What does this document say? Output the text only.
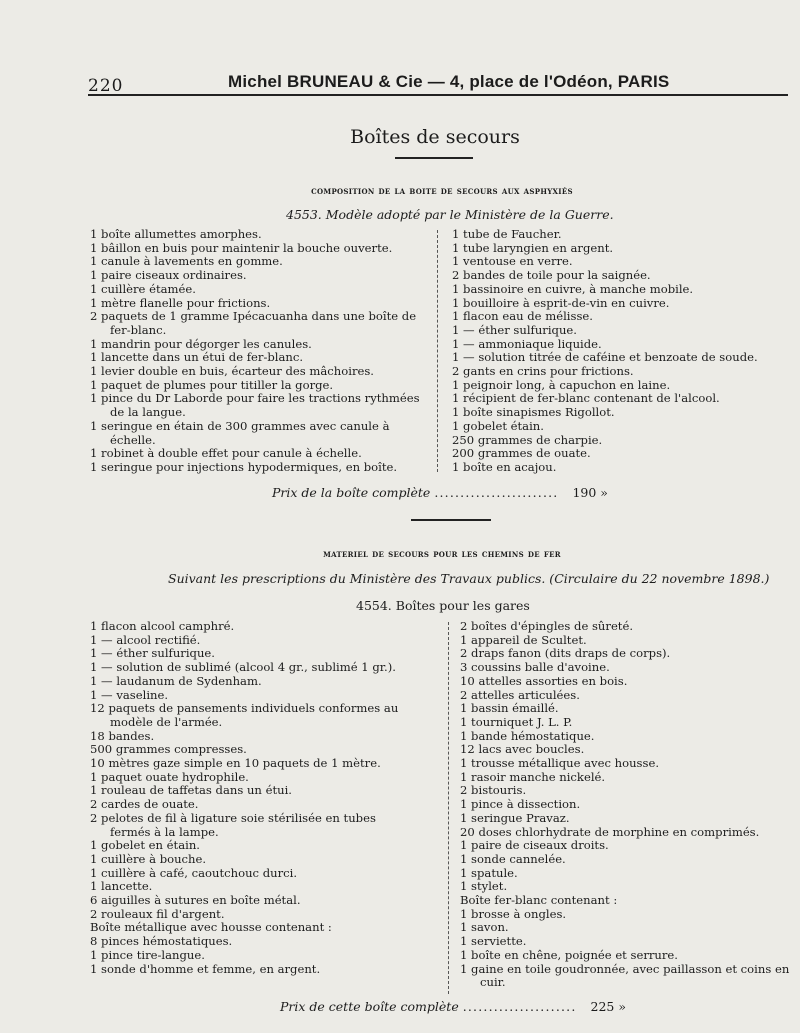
220	Michel BRUNEAU & Cie — 4, place de l'Odéon, PARIS
Boîtes de secours
composition de la boite de secours aux asphyxiés
4553. Modèle adopté par le Ministère de la Guerre.
1 boîte allumettes amorphes.
1 bâillon en buis pour maintenir la bouche ouverte.
1 canule à lavements en gomme.
1 paire ciseaux ordinaires.
1 cuillère étamée.
1 mètre flanelle pour frictions.
2 paquets de 1 gramme Ipécacuanha dans une boîte de fer-blanc.
1 mandrin pour dégorger les canules.
1 lancette dans un étui de fer-blanc.
1 levier double en buis, écarteur des mâchoires.
1 paquet de plumes pour titiller la gorge.
1 pince du Dr Laborde pour faire les tractions rythmées de la langue.
1 seringue en étain de 300 grammes avec canule à échelle.
1 robinet à double effet pour canule à échelle.
1 seringue pour injections hypodermiques, en boîte.
1 tube de Faucher.
1 tube laryngien en argent.
1 ventouse en verre.
2 bandes de toile pour la saignée.
1 bassinoire en cuivre, à manche mobile.
1 bouilloire à esprit-de-vin en cuivre.
1 flacon eau de mélisse.
1 — éther sulfurique.
1 — ammoniaque liquide.
1 — solution titrée de caféine et benzoate de soude.
2 gants en crins pour frictions.
1 peignoir long, à capuchon en laine.
1 récipient de fer-blanc contenant de l'alcool.
1 boîte sinapismes Rigollot.
1 gobelet étain.
250 grammes de charpie.
200 grammes de ouate.
1 boîte en acajou.
Prix de la boîte complète ........................ 190 »
materiel de secours pour les chemins de fer
Suivant les prescriptions du Ministère des Travaux publics. (Circulaire du 22 novembre 1898.)
4554. Boîtes pour les gares
1 flacon alcool camphré.
1 — alcool rectifié.
1 — éther sulfurique.
1 — solution de sublimé (alcool 4 gr., sublimé 1 gr.).
1 — laudanum de Sydenham.
1 — vaseline.
12 paquets de pansements individuels conformes au modèle de l'armée.
18 bandes.
500 grammes compresses.
10 mètres gaze simple en 10 paquets de 1 mètre.
1 paquet ouate hydrophile.
1 rouleau de taffetas dans un étui.
2 cardes de ouate.
2 pelotes de fil à ligature soie stérilisée en tubes fermés à la lampe.
1 gobelet en étain.
1 cuillère à bouche.
1 cuillère à café, caoutchouc durci.
1 lancette.
6 aiguilles à sutures en boîte métal.
2 rouleaux fil d'argent.
Boîte métallique avec housse contenant :
8 pinces hémostatiques.
1 pince tire-langue.
1 sonde d'homme et femme, en argent.
2 boîtes d'épingles de sûreté.
1 appareil de Scultet.
2 draps fanon (dits draps de corps).
3 coussins balle d'avoine.
10 attelles assorties en bois.
2 attelles articulées.
1 bassin émaillé.
1 tourniquet J. L. P.
1 bande hémostatique.
12 lacs avec boucles.
1 trousse métallique avec housse.
1 rasoir manche nickelé.
2 bistouris.
1 pince à dissection.
1 seringue Pravaz.
20 doses chlorhydrate de morphine en comprimés.
1 paire de ciseaux droits.
1 sonde cannelée.
1 spatule.
1 stylet.
Boîte fer-blanc contenant :
1 brosse à ongles.
1 savon.
1 serviette.
1 boîte en chêne, poignée et serrure.
1 gaine en toile goudronnée, avec paillasson et coins en cuir.
Prix de cette boîte complète ...................... 225 »
